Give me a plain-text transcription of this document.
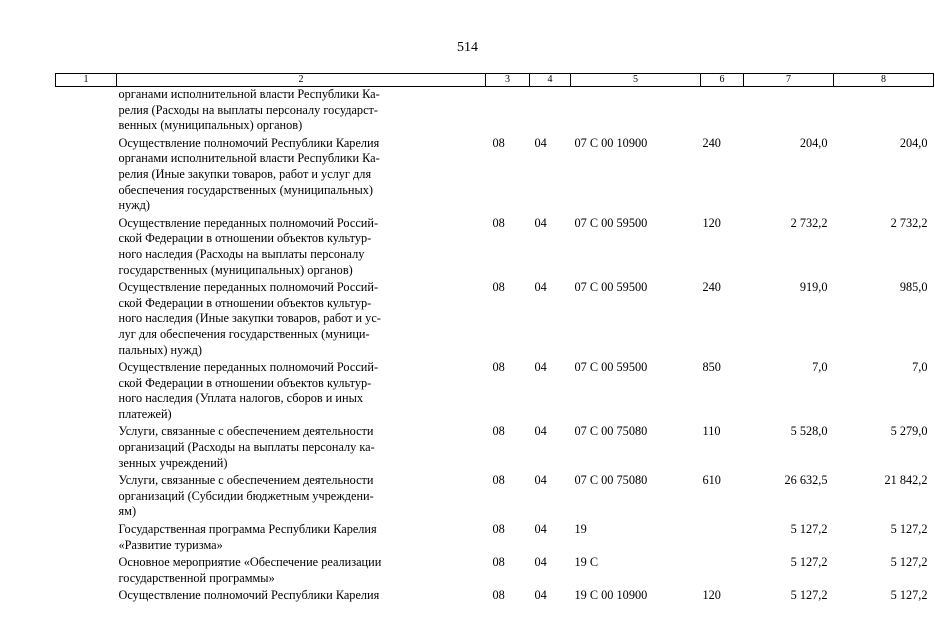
514
1	2	3	4	5	6	7	8

	органами исполнительной власти Республики Ка-
релия (Расходы на выплаты персоналу государст-
венных (муниципальных) органов)						

	Осуществление полномочий Республики Карелия
органами исполнительной власти Республики Ка-
релия (Иные закупки товаров, работ и услуг для
обеспечения государственных (муниципальных)
нужд)	08	04	07 С 00 10900	240	204,0	204,0

	Осуществление переданных полномочий Россий-
ской Федерации в отношении объектов культур-
ного наследия (Расходы на выплаты персоналу
государственных (муниципальных) органов)	08	04	07 С 00 59500	120	2 732,2	2 732,2

	Осуществление переданных полномочий Россий-
ской Федерации в отношении объектов культур-
ного наследия (Иные закупки товаров, работ и ус-
луг для обеспечения государственных (муници-
пальных) нужд)	08	04	07 С 00 59500	240	919,0	985,0

	Осуществление переданных полномочий Россий-
ской Федерации в отношении объектов культур-
ного наследия (Уплата налогов, сборов и иных
платежей)	08	04	07 С 00 59500	850	7,0	7,0

	Услуги, связанные с обеспечением деятельности
организаций (Расходы на выплаты персоналу ка-
зенных учреждений)	08	04	07 С 00 75080	110	5 528,0	5 279,0

	Услуги, связанные с обеспечением деятельности
организаций (Субсидии бюджетным учреждени-
ям)	08	04	07 С 00 75080	610	26 632,5	21 842,2

	Государственная программа Республики Карелия
«Развитие туризма»	08	04	19		5 127,2	5 127,2

	Основное мероприятие «Обеспечение реализации
государственной программы»	08	04	19 С		5 127,2	5 127,2

	Осуществление полномочий Республики Карелия	08	04	19 С 00 10900	120	5 127,2	5 127,2
